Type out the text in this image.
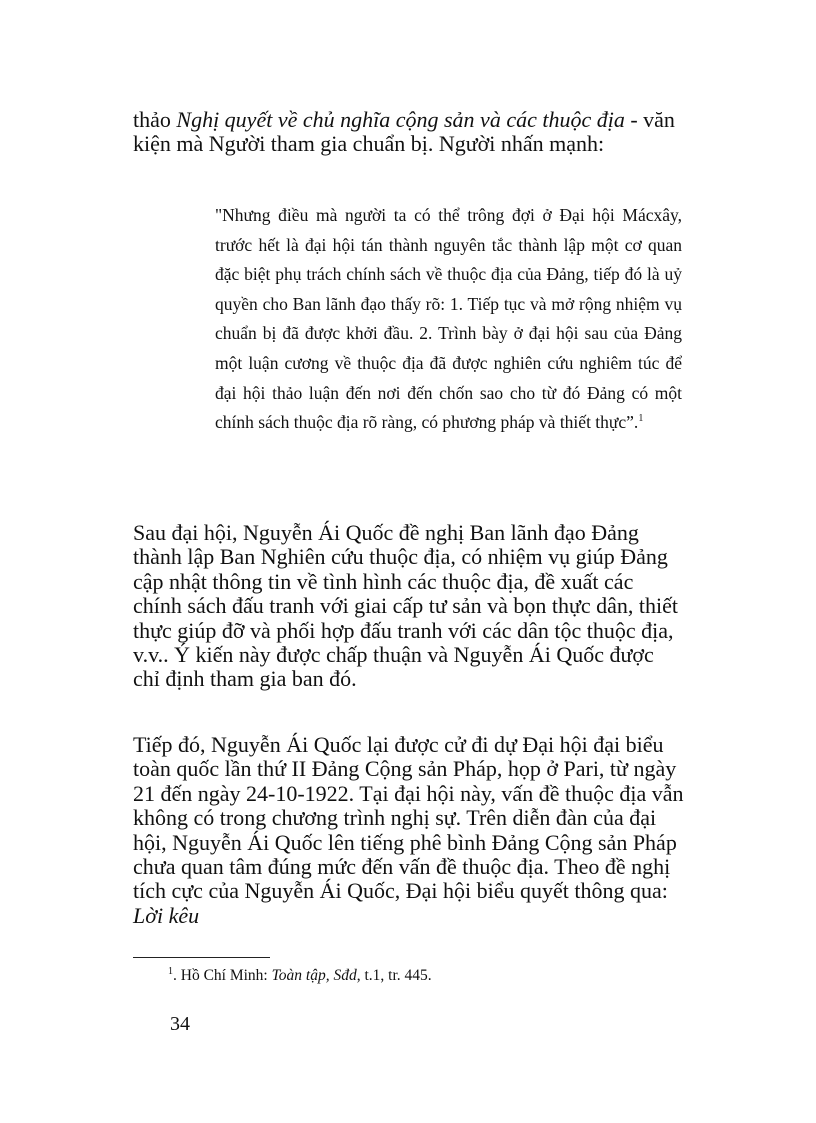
thảo Nghị quyết về chủ nghĩa cộng sản và các thuộc địa - văn kiện mà Người tham gia chuẩn bị. Người nhấn mạnh:

"Nhưng điều mà người ta có thể trông đợi ở Đại hội Mácxây, trước hết là đại hội tán thành nguyên tắc thành lập một cơ quan đặc biệt phụ trách chính sách về thuộc địa của Đảng, tiếp đó là uỷ quyền cho Ban lãnh đạo thấy rõ: 1. Tiếp tục và mở rộng nhiệm vụ chuẩn bị đã được khởi đầu. 2. Trình bày ở đại hội sau của Đảng một luận cương về thuộc địa đã được nghiên cứu nghiêm túc để đại hội thảo luận đến nơi đến chốn sao cho từ đó Đảng có một chính sách thuộc địa rõ ràng, có phương pháp và thiết thực”.$^1$

Sau đại hội, Nguyễn Ái Quốc đề nghị Ban lãnh đạo Đảng thành lập Ban Nghiên cứu thuộc địa, có nhiệm vụ giúp Đảng cập nhật thông tin về tình hình các thuộc địa, đề xuất các chính sách đấu tranh với giai cấp tư sản và bọn thực dân, thiết thực giúp đỡ và phối hợp đấu tranh với các dân tộc thuộc địa, v.v.. Ý kiến này được chấp thuận và Nguyễn Ái Quốc được chỉ định tham gia ban đó.

Tiếp đó, Nguyễn Ái Quốc lại được cử đi dự Đại hội đại biểu toàn quốc lần thứ II Đảng Cộng sản Pháp, họp ở Pari, từ ngày 21 đến ngày 24-10-1922. Tại đại hội này, vấn đề thuộc địa vẫn không có trong chương trình nghị sự. Trên diễn đàn của đại hội, Nguyễn Ái Quốc lên tiếng phê bình Đảng Cộng sản Pháp chưa quan tâm đúng mức đến vấn đề thuộc địa. Theo đề nghị tích cực của Nguyễn Ái Quốc, Đại hội biểu quyết thông qua: Lời kêu

$^1$. Hồ Chí Minh: Toàn tập, Sđd, t.1, tr. 445.

34
